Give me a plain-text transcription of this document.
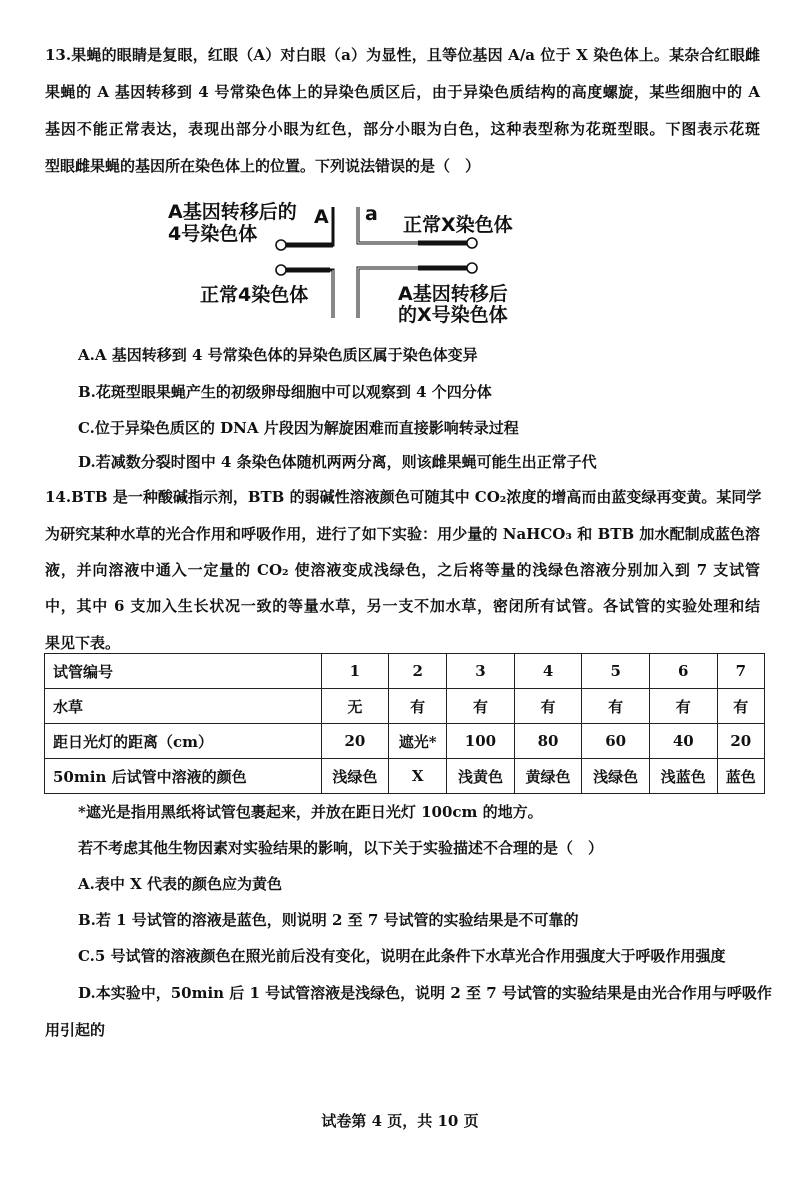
13.果蝇的眼睛是复眼，红眼（A）对白眼（a）为显性，且等位基因 A/a 位于 X 染色体上。某杂合红眼雌
果蝇的 A 基因转移到 4 号常染色体上的异染色质区后，由于异染色质结构的高度螺旋，某些细胞中的 A
基因不能正常表达，表现出部分小眼为红色，部分小眼为白色，这种表型称为花斑型眼。下图表示花斑
型眼雌果蝇的基因所在染色体上的位置。下列说法错误的是（　）
A基因转移后的
4号染色体
A a 正常X染色体
正常4染色体	A基因转移后
的X号染色体
A.A 基因转移到 4 号常染色体的异染色质区属于染色体变异
B.花斑型眼果蝇产生的初级卵母细胞中可以观察到 4 个四分体
C.位于异染色质区的 DNA 片段因为解旋困难而直接影响转录过程
D.若减数分裂时图中 4 条染色体随机两两分离，则该雌果蝇可能生出正常子代
14.BTB 是一种酸碱指示剂，BTB 的弱碱性溶液颜色可随其中 CO₂浓度的增高而由蓝变绿再变黄。某同学
为研究某种水草的光合作用和呼吸作用，进行了如下实验：用少量的 NaHCO₃ 和 BTB 加水配制成蓝色溶
液，并向溶液中通入一定量的 CO₂ 使溶液变成浅绿色，之后将等量的浅绿色溶液分别加入到 7 支试管
中，其中 6 支加入生长状况一致的等量水草，另一支不加水草，密闭所有试管。各试管的实验处理和结
果见下表。
试管编号	1	2	3	4	5	6	7
水草	无	有	有	有	有	有	有
距日光灯的距离（cm）	20	遮光*	100	80	60	40	20
50min 后试管中溶液的颜色	浅绿色	X	浅黄色	黄绿色	浅绿色	浅蓝色	蓝色
*遮光是指用黑纸将试管包裹起来，并放在距日光灯 100cm 的地方。
若不考虑其他生物因素对实验结果的影响，以下关于实验描述不合理的是（　）
A.表中 X 代表的颜色应为黄色
B.若 1 号试管的溶液是蓝色，则说明 2 至 7 号试管的实验结果是不可靠的
C.5 号试管的溶液颜色在照光前后没有变化，说明在此条件下水草光合作用强度大于呼吸作用强度
D.本实验中，50min 后 1 号试管溶液是浅绿色，说明 2 至 7 号试管的实验结果是由光合作用与呼吸作
用引起的
试卷第 4 页，共 10 页
